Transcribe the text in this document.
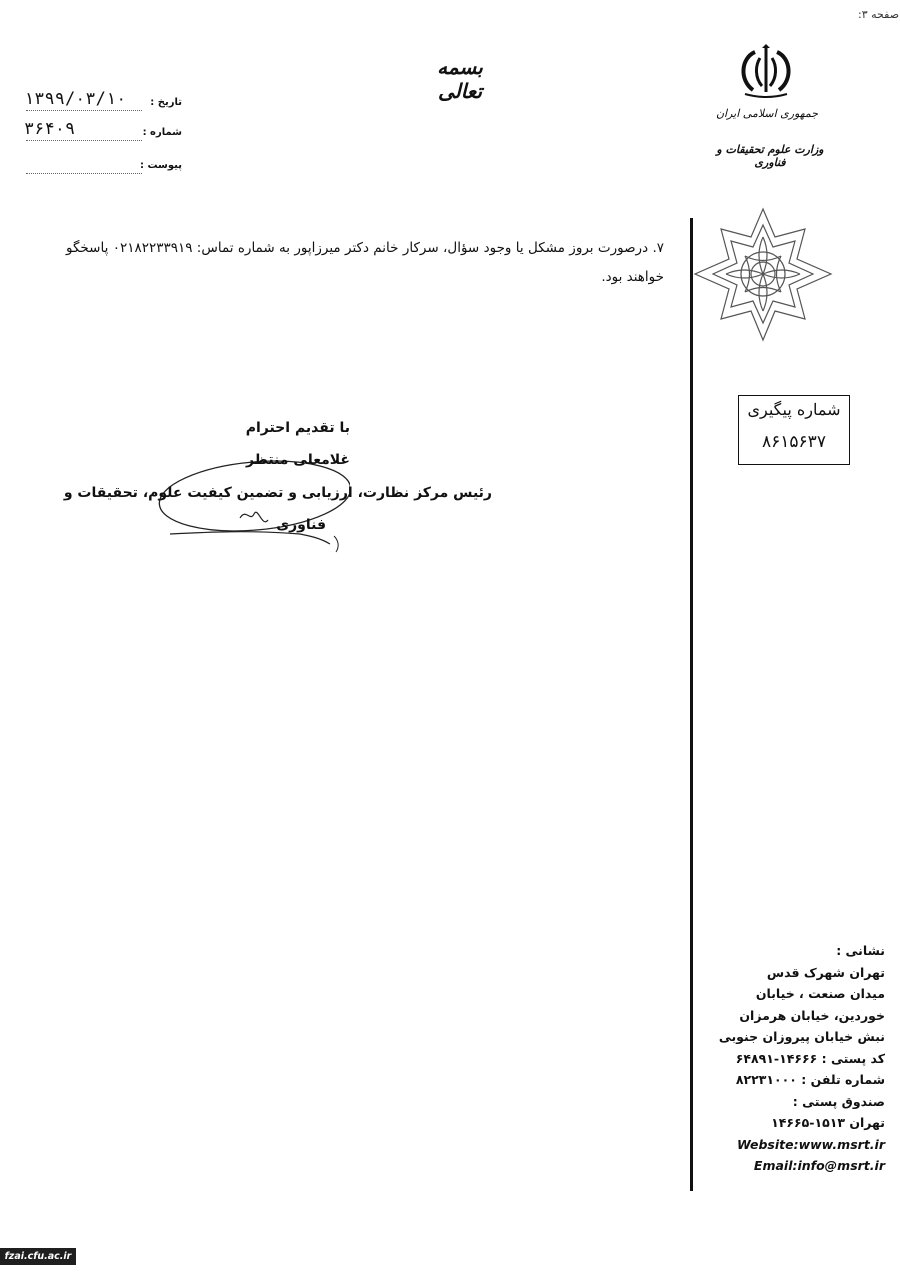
صفحه ۳:
بسمه تعالی
جمهوری اسلامی ایران
وزارت علوم تحقیقات و فناوری
تاریخ :
۱۳۹۹/۰۳/۱۰
شماره :
۳۶۴۰۹
پیوست :
۷. درصورت بروز مشکل یا وجود سؤال، سرکار خانم دکتر میرزاپور به شماره تماس: ۰۲۱۸۲۲۳۳۹۱۹ پاسخگو خواهند بود.
شماره پیگیری
۸۶۱۵۶۳۷
با تقدیم احترام
غلامعلی منتظر
رئیس مرکز نظارت، ارزیابی و تضمین کیفیت علوم، تحقیقات و
فناوری
نشانی :
تهران شهرک قدس
میدان صنعت ، خیابان
خوردین، خیابان هرمزان
نبش خیابان پیروزان جنوبی
کد پستی : ۱۴۶۶۶-۶۴۸۹۱
شماره تلفن : ۸۲۲۳۱۰۰۰
صندوق پستی :
تهران ۱۵۱۳-۱۴۶۶۵
Website:www.msrt.ir
Email:info@msrt.ir
fzai.cfu.ac.ir
